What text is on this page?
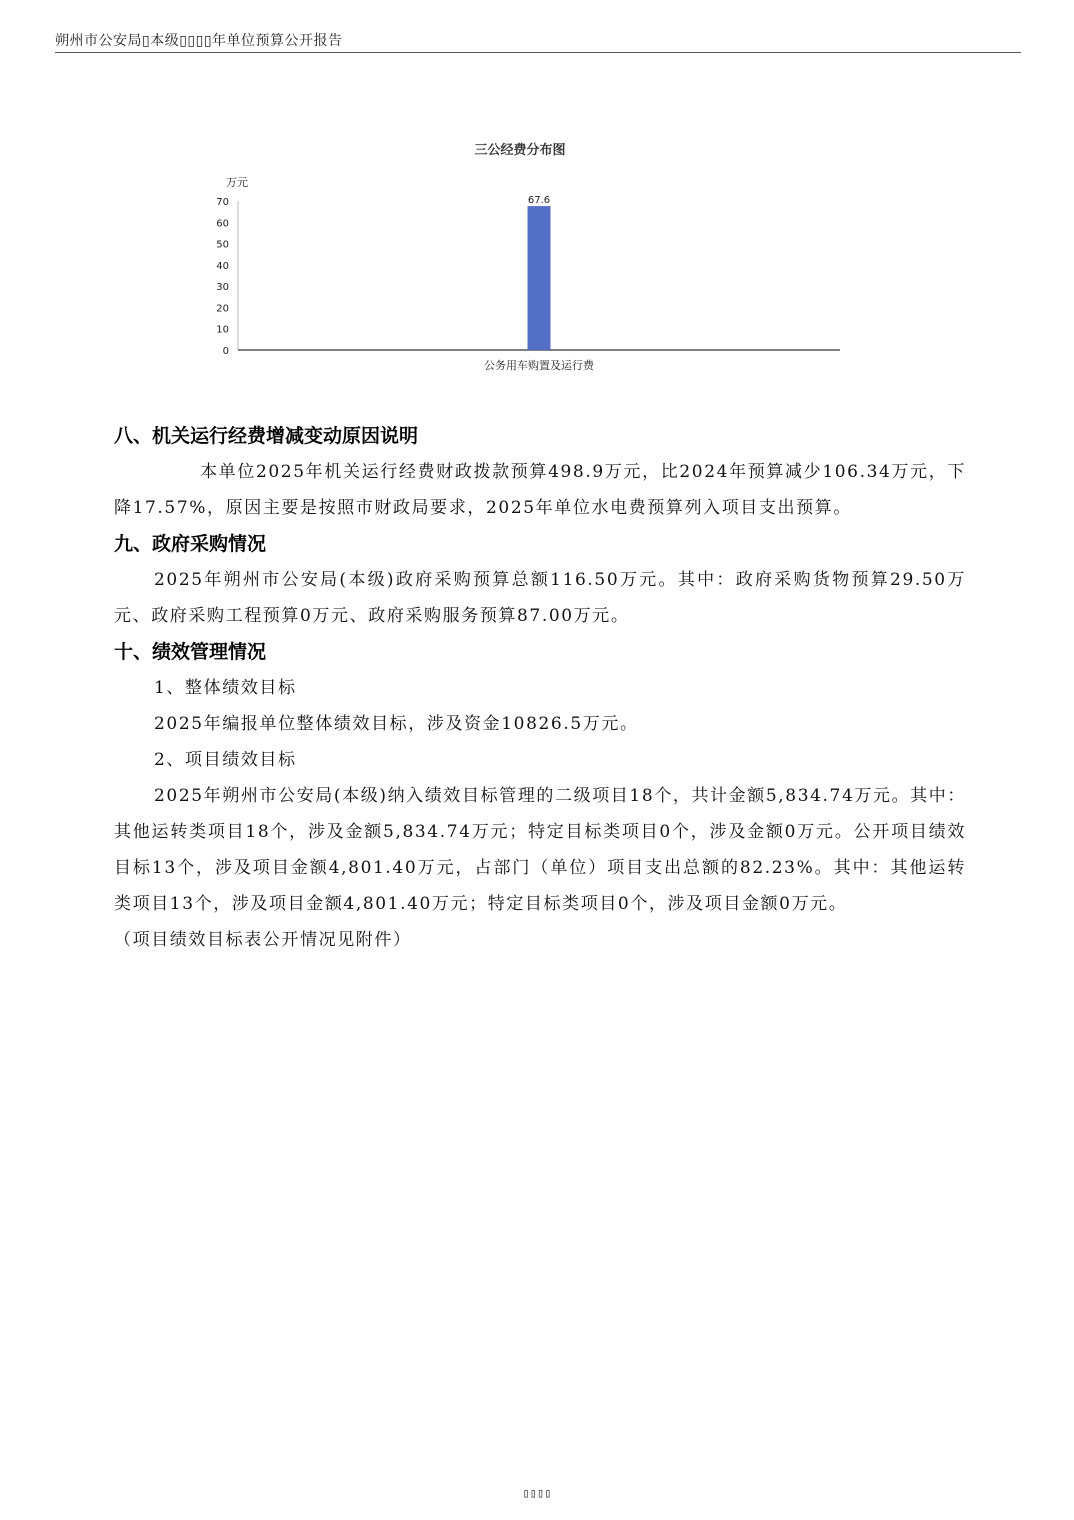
朔州市公安局▯本级▯▯▯▯年单位预算公开报告
三公经费分布图
万元
0
10
20
30
40
50
60
70	67.6
公务用车购置及运行费
八、机关运行经费增减变动原因说明

本单位2025年机关运行经费财政拨款预算498.9万元，比2024年预算减少106.34万元，下降17.57%，原因主要是按照市财政局要求，2025年单位水电费预算列入项目支出预算。

九、政府采购情况

2025年朔州市公安局(本级)政府采购预算总额116.50万元。其中：政府采购货物预算29.50万元、政府采购工程预算0万元、政府采购服务预算87.00万元。

十、绩效管理情况

1、整体绩效目标

2025年编报单位整体绩效目标，涉及资金10826.5万元。

2、项目绩效目标

2025年朔州市公安局(本级)纳入绩效目标管理的二级项目18个，共计金额5,834.74万元。其中：其他运转类项目18个，涉及金额5,834.74万元；特定目标类项目0个，涉及金额0万元。公开项目绩效目标13个，涉及项目金额4,801.40万元，占部门（单位）项目支出总额的82.23%。其中：其他运转类项目13个，涉及项目金额4,801.40万元；特定目标类项目0个，涉及项目金额0万元。

（项目绩效目标表公开情况见附件）

▯▯▯▯
